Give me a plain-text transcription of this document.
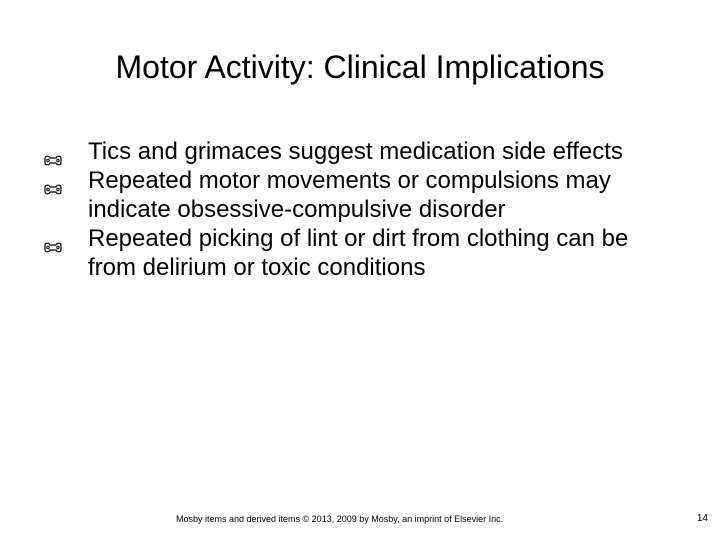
Motor Activity: Clinical Implications
Tics and grimaces suggest medication side effects
Repeated motor movements or compulsions may indicate obsessive-compulsive disorder
Repeated picking of lint or dirt from clothing can be from delirium or toxic conditions
Mosby items and derived items © 2013, 2009 by Mosby, an imprint of Elsevier Inc.	14
